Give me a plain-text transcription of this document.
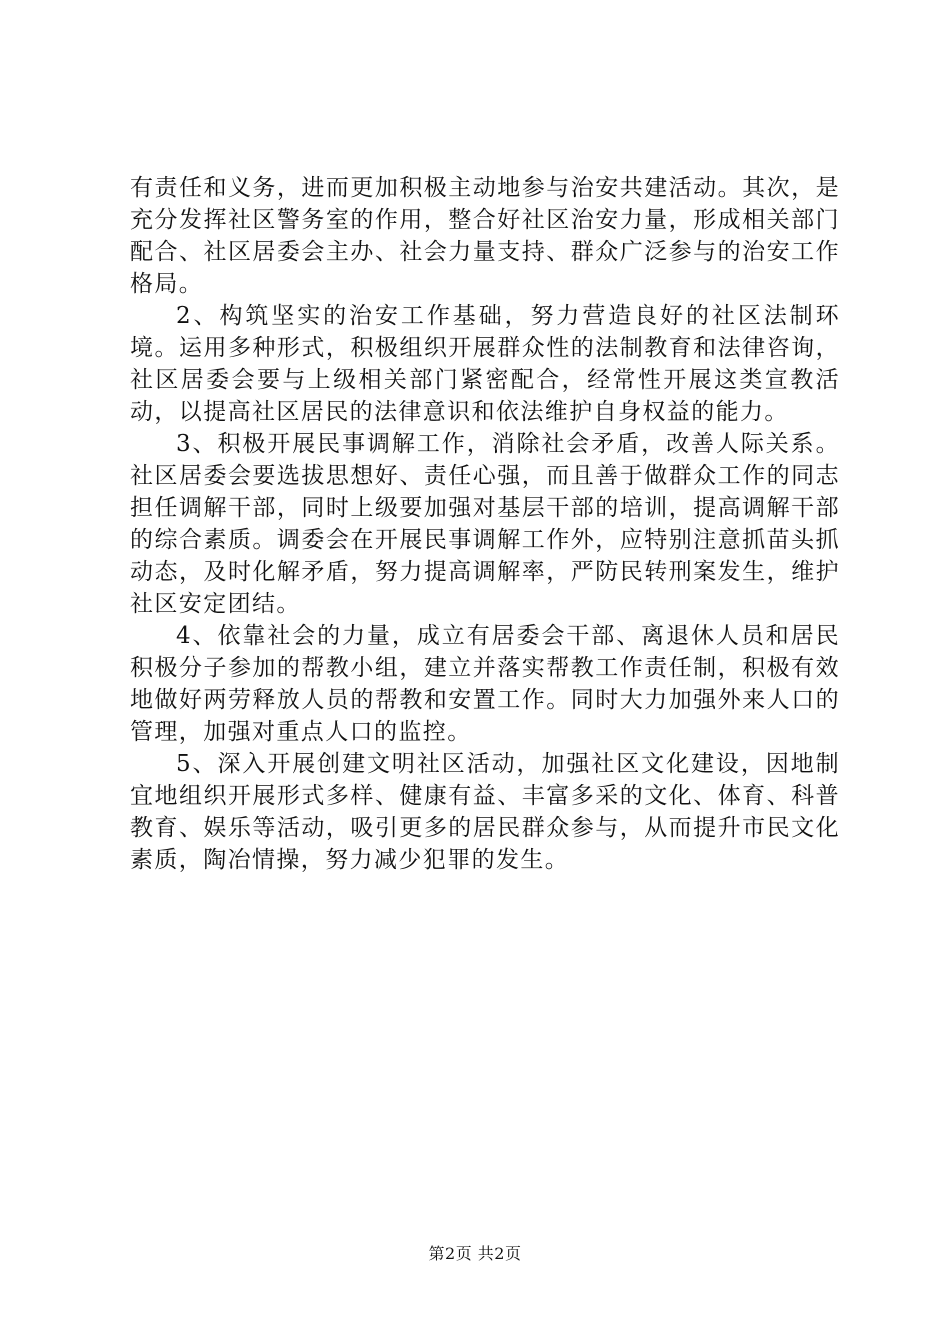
有责任和义务，进而更加积极主动地参与治安共建活动。其次，是充分发挥社区警务室的作用，整合好社区治安力量，形成相关部门配合、社区居委会主办、社会力量支持、群众广泛参与的治安工作格局。

2、构筑坚实的治安工作基础，努力营造良好的社区法制环境。运用多种形式，积极组织开展群众性的法制教育和法律咨询，社区居委会要与上级相关部门紧密配合，经常性开展这类宣教活动，以提高社区居民的法律意识和依法维护自身权益的能力。

3、积极开展民事调解工作，消除社会矛盾，改善人际关系。社区居委会要选拔思想好、责任心强，而且善于做群众工作的同志担任调解干部，同时上级要加强对基层干部的培训，提高调解干部的综合素质。调委会在开展民事调解工作外，应特别注意抓苗头抓动态，及时化解矛盾，努力提高调解率，严防民转刑案发生，维护社区安定团结。

4、依靠社会的力量，成立有居委会干部、离退休人员和居民积极分子参加的帮教小组，建立并落实帮教工作责任制，积极有效地做好两劳释放人员的帮教和安置工作。同时大力加强外来人口的管理，加强对重点人口的监控。

5、深入开展创建文明社区活动，加强社区文化建设，因地制宜地组织开展形式多样、健康有益、丰富多采的文化、体育、科普教育、娱乐等活动，吸引更多的居民群众参与，从而提升市民文化素质，陶冶情操，努力减少犯罪的发生。

第2页 共2页
